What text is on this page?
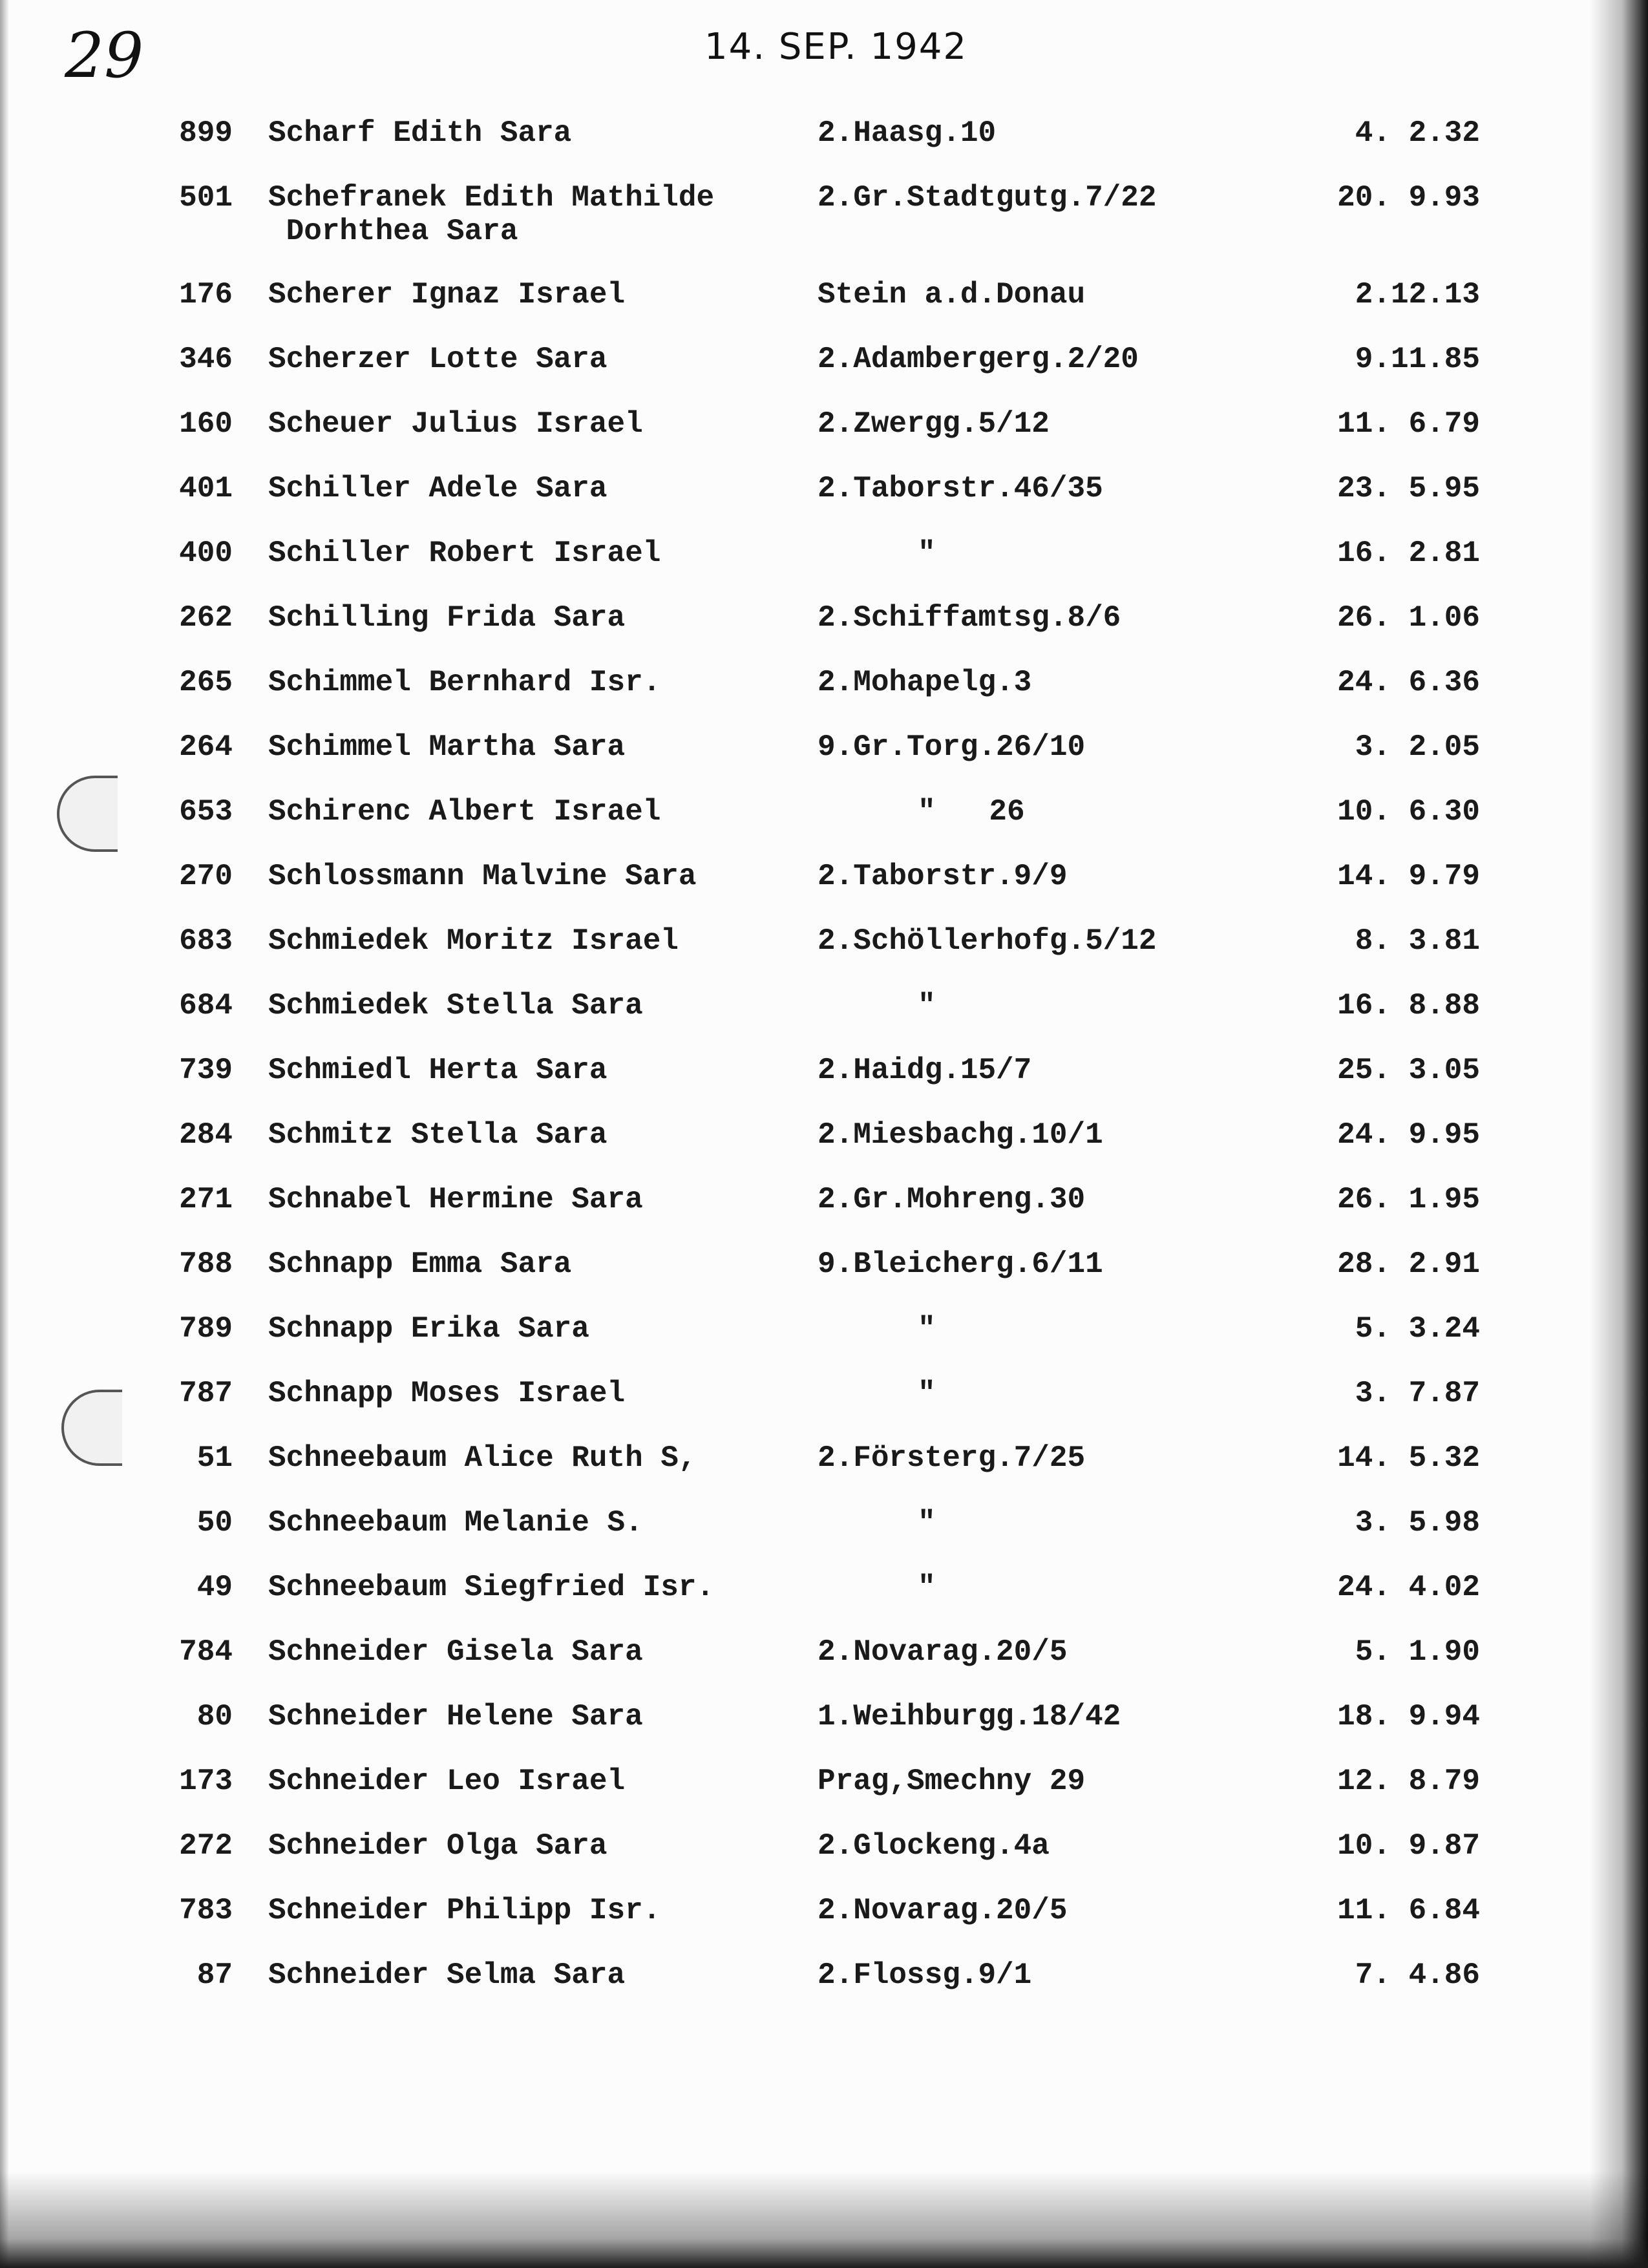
29	14. SEP. 1942
899 Scharf Edith Sara	2.Haasg.10	4. 2.32
501 Schefranek Edith Mathilde
Dorhthea Sara
2.Gr.Stadtgutg.7/22	20. 9.93
176 Scherer Ignaz Israel	Stein a.d.Donau	2.12.13
346 Scherzer Lotte Sara	2.Adambergerg.2/20	9.11.85
160 Scheuer Julius Israel	2.Zwergg.5/12	11. 6.79
401 Schiller Adele Sara	2.Taborstr.46/35	23. 5.95
400 Schiller Robert Israel	"	16. 2.81
262 Schilling Frida Sara	2.Schiffamtsg.8/6	26. 1.06
265 Schimmel Bernhard Isr.	2.Mohapelg.3	24. 6.36
264 Schimmel Martha Sara	9.Gr.Torg.26/10	3. 2.05
653 Schirenc Albert Israel	"   26	10. 6.30
270 Schlossmann Malvine Sara	2.Taborstr.9/9	14. 9.79
683 Schmiedek Moritz Israel	2.Schöllerhofg.5/12	8. 3.81
684 Schmiedek Stella Sara	"	16. 8.88
739 Schmiedl Herta Sara	2.Haidg.15/7	25. 3.05
284 Schmitz Stella Sara	2.Miesbachg.10/1	24. 9.95
271 Schnabel Hermine Sara	2.Gr.Mohreng.30	26. 1.95
788 Schnapp Emma Sara	9.Bleicherg.6/11	28. 2.91
789 Schnapp Erika Sara	"	5. 3.24
787 Schnapp Moses Israel	"	3. 7.87
51 Schneebaum Alice Ruth S,	2.Försterg.7/25	14. 5.32
50 Schneebaum Melanie S.	"	3. 5.98
49 Schneebaum Siegfried Isr.	"	24. 4.02
784 Schneider Gisela Sara	2.Novarag.20/5	5. 1.90
80 Schneider Helene Sara	1.Weihburgg.18/42	18. 9.94
173 Schneider Leo Israel	Prag,Smechny 29	12. 8.79
272 Schneider Olga Sara	2.Glockeng.4a	10. 9.87
783 Schneider Philipp Isr.	2.Novarag.20/5	11. 6.84
87 Schneider Selma Sara	2.Flossg.9/1	7. 4.86
